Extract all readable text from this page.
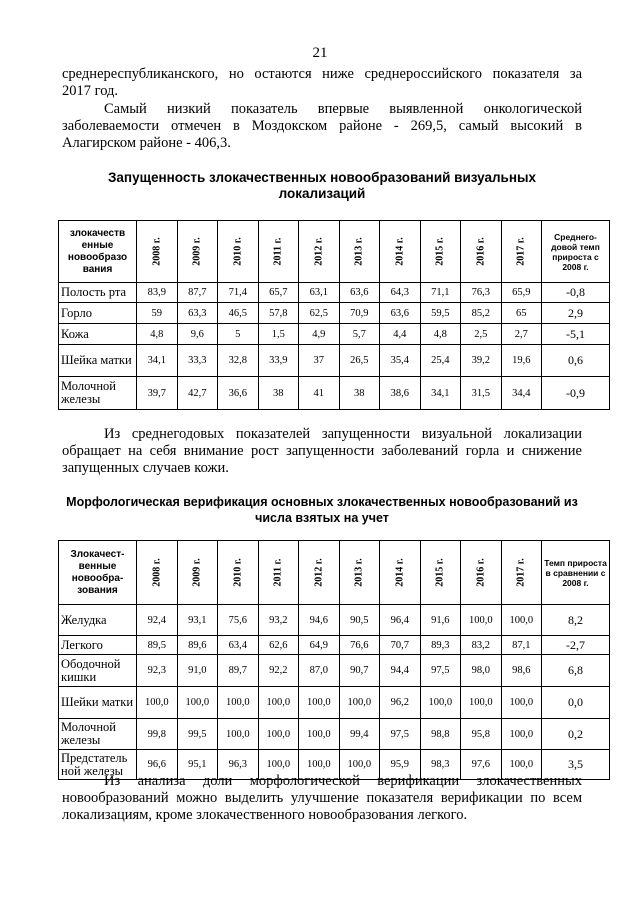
21
среднереспубликанского, но остаются ниже среднероссийского показателя за
2017 год.
Самый низкий показатель впервые выявленной онкологической
заболеваемости отмечен в Моздокском районе - 269,5, самый высокий в
Алагирском районе - 406,3.
Запущенность злокачественных новообразований визуальных
локализаций
злокачеств енные новообразо вания	2008 г.	2009 г.	2010 г.	2011 г.	2012 г.	2013 г.	2014 г.	2015 г.	2016 г.	2017 г.	Среднего- довой темп прироста с 2008 г.
Полость рта	83,9	87,7	71,4	65,7	63,1	63,6	64,3	71,1	76,3	65,9	-0,8
Горло	59	63,3	46,5	57,8	62,5	70,9	63,6	59,5	85,2	65	2,9
Кожа	4,8	9,6	5	1,5	4,9	5,7	4,4	4,8	2,5	2,7	-5,1
Шейка матки	34,1	33,3	32,8	33,9	37	26,5	35,4	25,4	39,2	19,6	0,6
Молочной железы	39,7	42,7	36,6	38	41	38	38,6	34,1	31,5	34,4	-0,9
Из среднегодовых показателей запущенности визуальной локализации
обращает на себя внимание рост запущенности заболеваний горла и снижение
запущенных случаев кожи.
Морфологическая верификация основных злокачественных новообразований из
числа взятых на учет
Злокачест- венные новообра- зования	2008 г.	2009 г.	2010 г.	2011 г.	2012 г.	2013 г.	2014 г.	2015 г.	2016 г.	2017 г.	Темп прироста в сравнении с 2008 г.
Желудка	92,4	93,1	75,6	93,2	94,6	90,5	96,4	91,6	100,0	100,0	8,2
Легкого	89,5	89,6	63,4	62,6	64,9	76,6	70,7	89,3	83,2	87,1	-2,7
Ободочной кишки	92,3	91,0	89,7	92,2	87,0	90,7	94,4	97,5	98,0	98,6	6,8
Шейки матки	100,0	100,0	100,0	100,0	100,0	100,0	96,2	100,0	100,0	100,0	0,0
Молочной железы	99,8	99,5	100,0	100,0	100,0	99,4	97,5	98,8	95,8	100,0	0,2
Предстатель ной железы	96,6	95,1	96,3	100,0	100,0	100,0	95,9	98,3	97,6	100,0	3,5
Из анализа доли морфологической верификации злокачественных
новообразований можно выделить улучшение показателя верификации по всем
локализациям, кроме злокачественного новообразования легкого.
